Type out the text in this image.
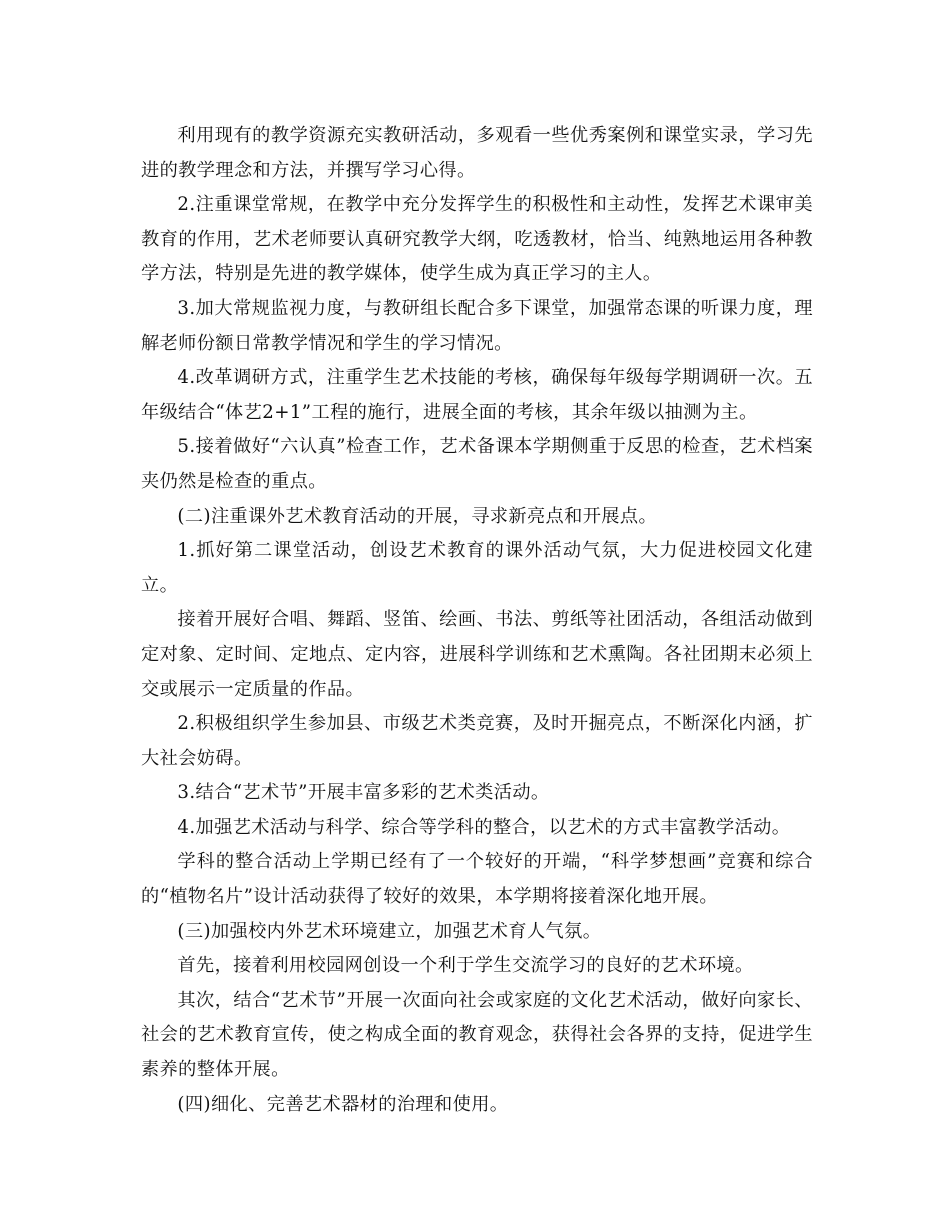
利用现有的教学资源充实教研活动，多观看一些优秀案例和课堂实录，学习先进的教学理念和方法，并撰写学习心得。

2.注重课堂常规，在教学中充分发挥学生的积极性和主动性，发挥艺术课审美教育的作用，艺术老师要认真研究教学大纲，吃透教材，恰当、纯熟地运用各种教学方法，特别是先进的教学媒体，使学生成为真正学习的主人。

3.加大常规监视力度，与教研组长配合多下课堂，加强常态课的听课力度，理解老师份额日常教学情况和学生的学习情况。

4.改革调研方式，注重学生艺术技能的考核，确保每年级每学期调研一次。五年级结合“体艺2+1”工程的施行，进展全面的考核，其余年级以抽测为主。

5.接着做好“六认真”检查工作，艺术备课本学期侧重于反思的检查，艺术档案夹仍然是检查的重点。

(二)注重课外艺术教育活动的开展，寻求新亮点和开展点。

1.抓好第二课堂活动，创设艺术教育的课外活动气氛，大力促进校园文化建立。

接着开展好合唱、舞蹈、竖笛、绘画、书法、剪纸等社团活动，各组活动做到定对象、定时间、定地点、定内容，进展科学训练和艺术熏陶。各社团期末必须上交或展示一定质量的作品。

2.积极组织学生参加县、市级艺术类竞赛，及时开掘亮点，不断深化内涵，扩大社会妨碍。

3.结合“艺术节”开展丰富多彩的艺术类活动。

4.加强艺术活动与科学、综合等学科的整合，以艺术的方式丰富教学活动。

学科的整合活动上学期已经有了一个较好的开端，“科学梦想画”竞赛和综合的“植物名片”设计活动获得了较好的效果，本学期将接着深化地开展。

(三)加强校内外艺术环境建立，加强艺术育人气氛。

首先，接着利用校园网创设一个利于学生交流学习的良好的艺术环境。

其次，结合“艺术节”开展一次面向社会或家庭的文化艺术活动，做好向家长、社会的艺术教育宣传，使之构成全面的教育观念，获得社会各界的支持，促进学生素养的整体开展。

(四)细化、完善艺术器材的治理和使用。
